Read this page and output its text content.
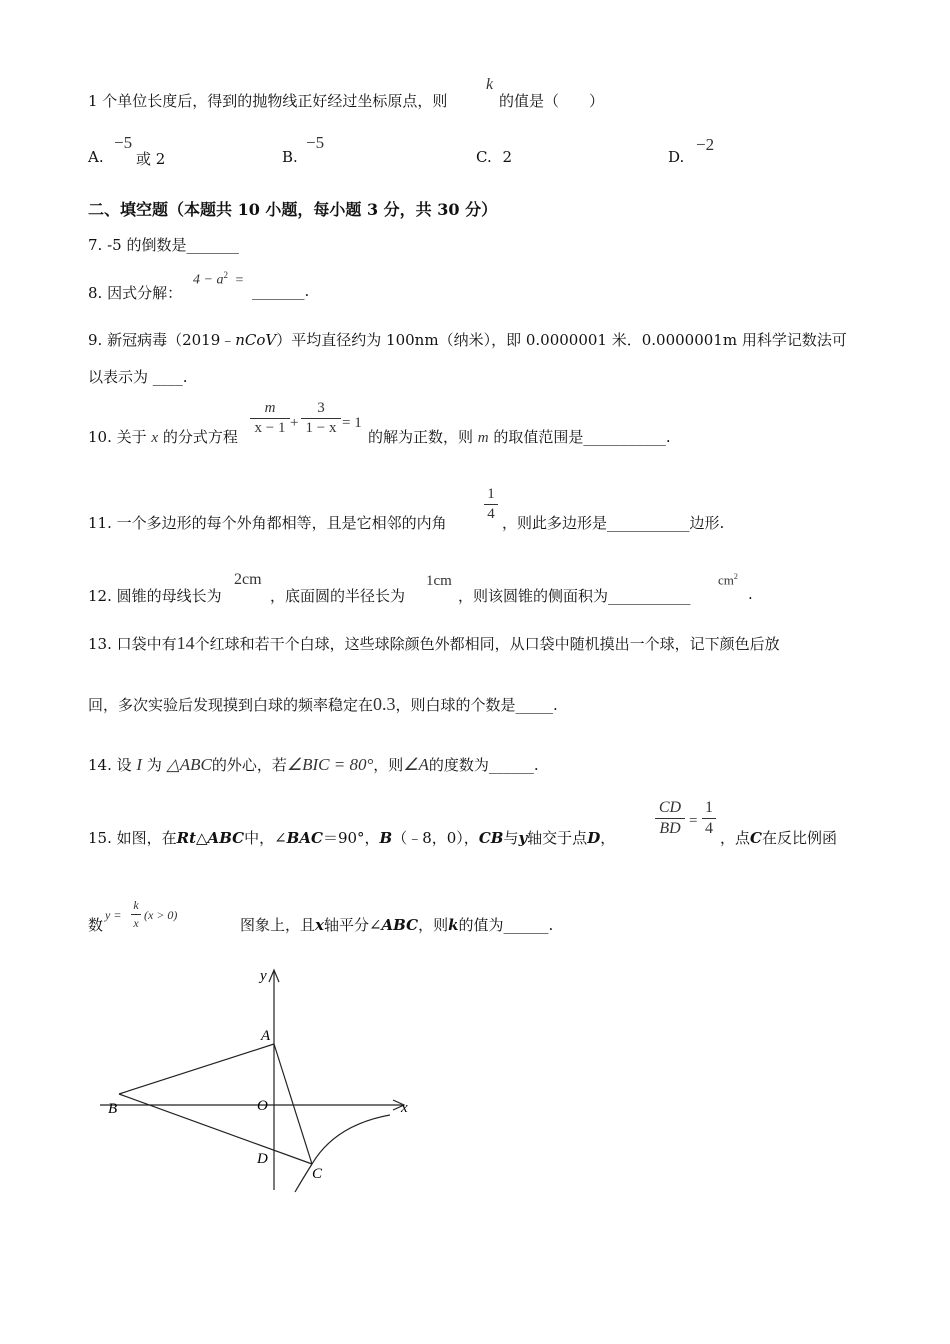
1 个单位长度后，得到的抛物线正好经过坐标原点，则
k
的值是（　　）
A.
−5
或 2	B.
−5
C. 2	D.
−2
二、填空题（本题共 10 小题，每小题 3 分，共 30 分）
7. -5 的倒数是_______
8. 因式分解：
$4 - a^2$ =
_______.
9. 新冠病毒（2019﹣nCoV）平均直径约为 100nm（纳米），即 0.0000001 米．0.0000001m 用科学记数法可
以表示为 ____.
10. 关于 x 的分式方程
m
x − 1 +
3
1 − x = 1
的解为正数，则 m 的取值范围是___________.
11. 一个多边形的每个外角都相等，且是它相邻的内角
1
4 ，则此多边形是___________边形.
12. 圆锥的母线长为
2cm
，底面圆的半径长为
1cm
，则该圆锥的侧面积为___________
$cm^2$
.
13. 口袋中有14个红球和若干个白球，这些球除颜色外都相同，从口袋中随机摸出一个球，记下颜色后放
回，多次实验后发现摸到白球的频率稳定在0.3，则白球的个数是_____.
14. 设 I 为 △ABC的外心，若∠BIC = 80°，则∠A的度数为______.
15. 如图，在Rt△ABC中，∠BAC＝90°，B（﹣8，0），CB与y轴交于点D，
CD
BD =
1
4
，点C在反比例函
数
y =
k
x
(x > 0)
图象上，且x轴平分∠ABC，则k的值为______.
y
x
A
B	O
D
C
